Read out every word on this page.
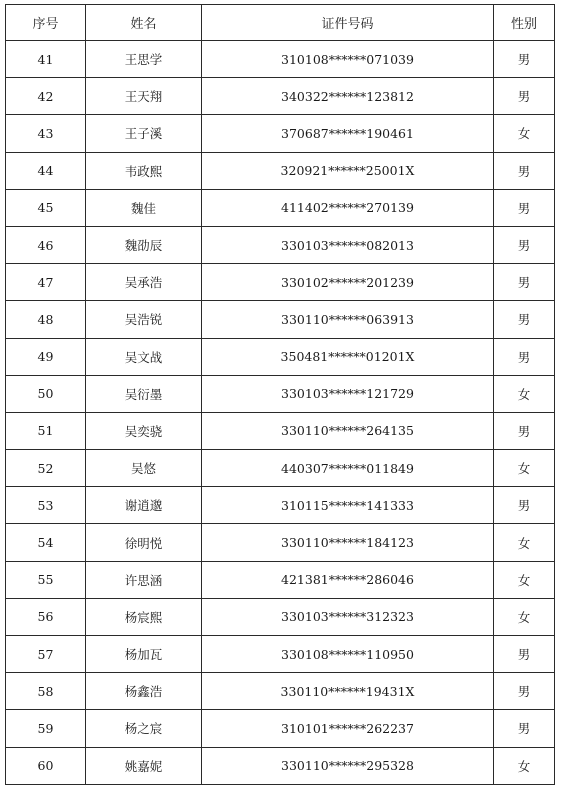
序号	姓名	证件号码	性别
41	王思学	310108******071039	男
42	王天翔	340322******123812	男
43	王子溪	370687******190461	女
44	韦政熙	320921******25001X	男
45	魏佳	411402******270139	男
46	魏劭辰	330103******082013	男
47	吴承浩	330102******201239	男
48	吴浩锐	330110******063913	男
49	吴文战	350481******01201X	男
50	吴衍墨	330103******121729	女
51	吴奕骁	330110******264135	男
52	吴悠	440307******011849	女
53	谢逍邈	310115******141333	男
54	徐明悦	330110******184123	女
55	许思涵	421381******286046	女
56	杨宸熙	330103******312323	女
57	杨加瓦	330108******110950	男
58	杨鑫浩	330110******19431X	男
59	杨之宸	310101******262237	男
60	姚嘉妮	330110******295328	女
